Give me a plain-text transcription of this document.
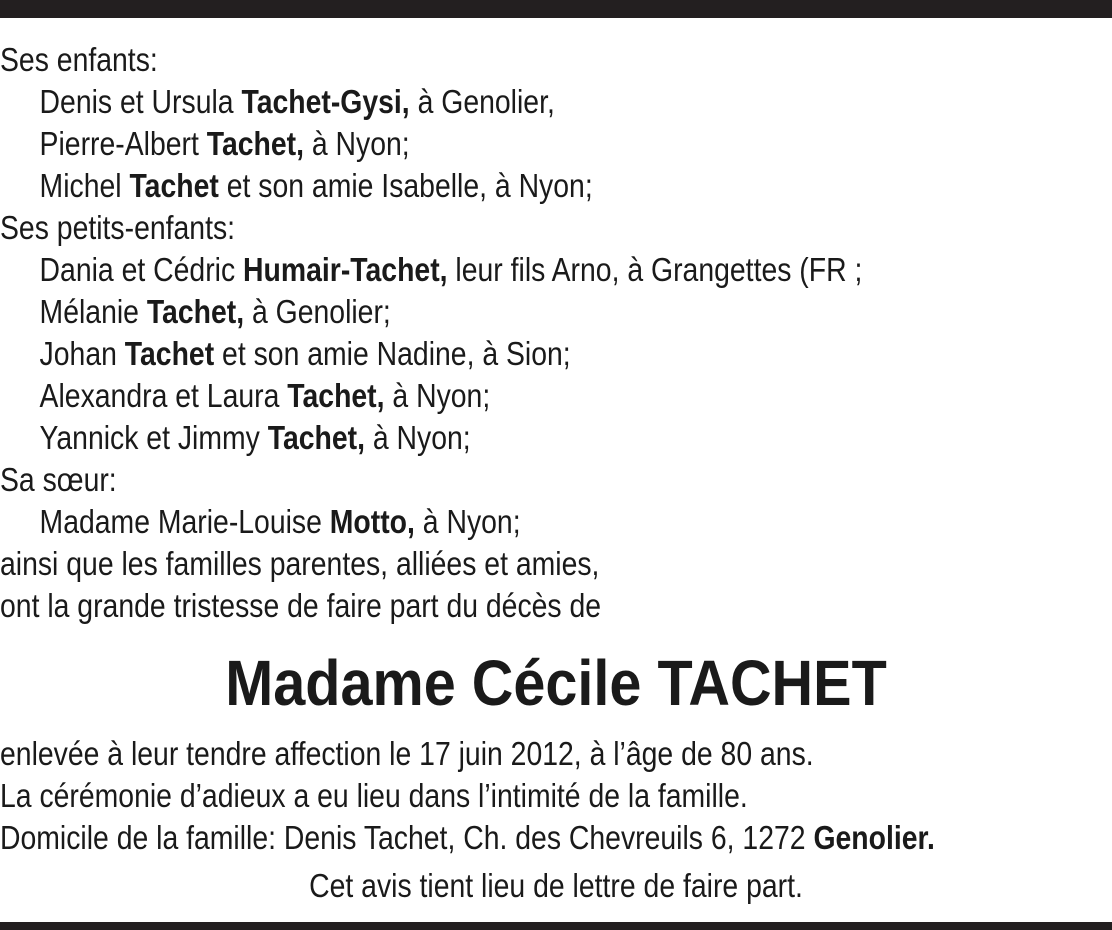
Ses enfants:
Denis et Ursula Tachet-Gysi, à Genolier,
Pierre-Albert Tachet, à Nyon;
Michel Tachet et son amie Isabelle, à Nyon;
Ses petits-enfants:
Dania et Cédric Humair-Tachet, leur fils Arno, à Grangettes (FR ;
Mélanie Tachet, à Genolier;
Johan Tachet et son amie Nadine, à Sion;
Alexandra et Laura Tachet, à Nyon;
Yannick et Jimmy Tachet, à Nyon;
Sa sœur:
Madame Marie-Louise Motto, à Nyon;
ainsi que les familles parentes, alliées et amies,
ont la grande tristesse de faire part du décès de
Madame Cécile TACHET
enlevée à leur tendre affection le 17 juin 2012, à l’âge de 80 ans.
La cérémonie d’adieux a eu lieu dans l’intimité de la famille.
Domicile de la famille: Denis Tachet, Ch. des Chevreuils 6, 1272 Genolier.
Cet avis tient lieu de lettre de faire part.
